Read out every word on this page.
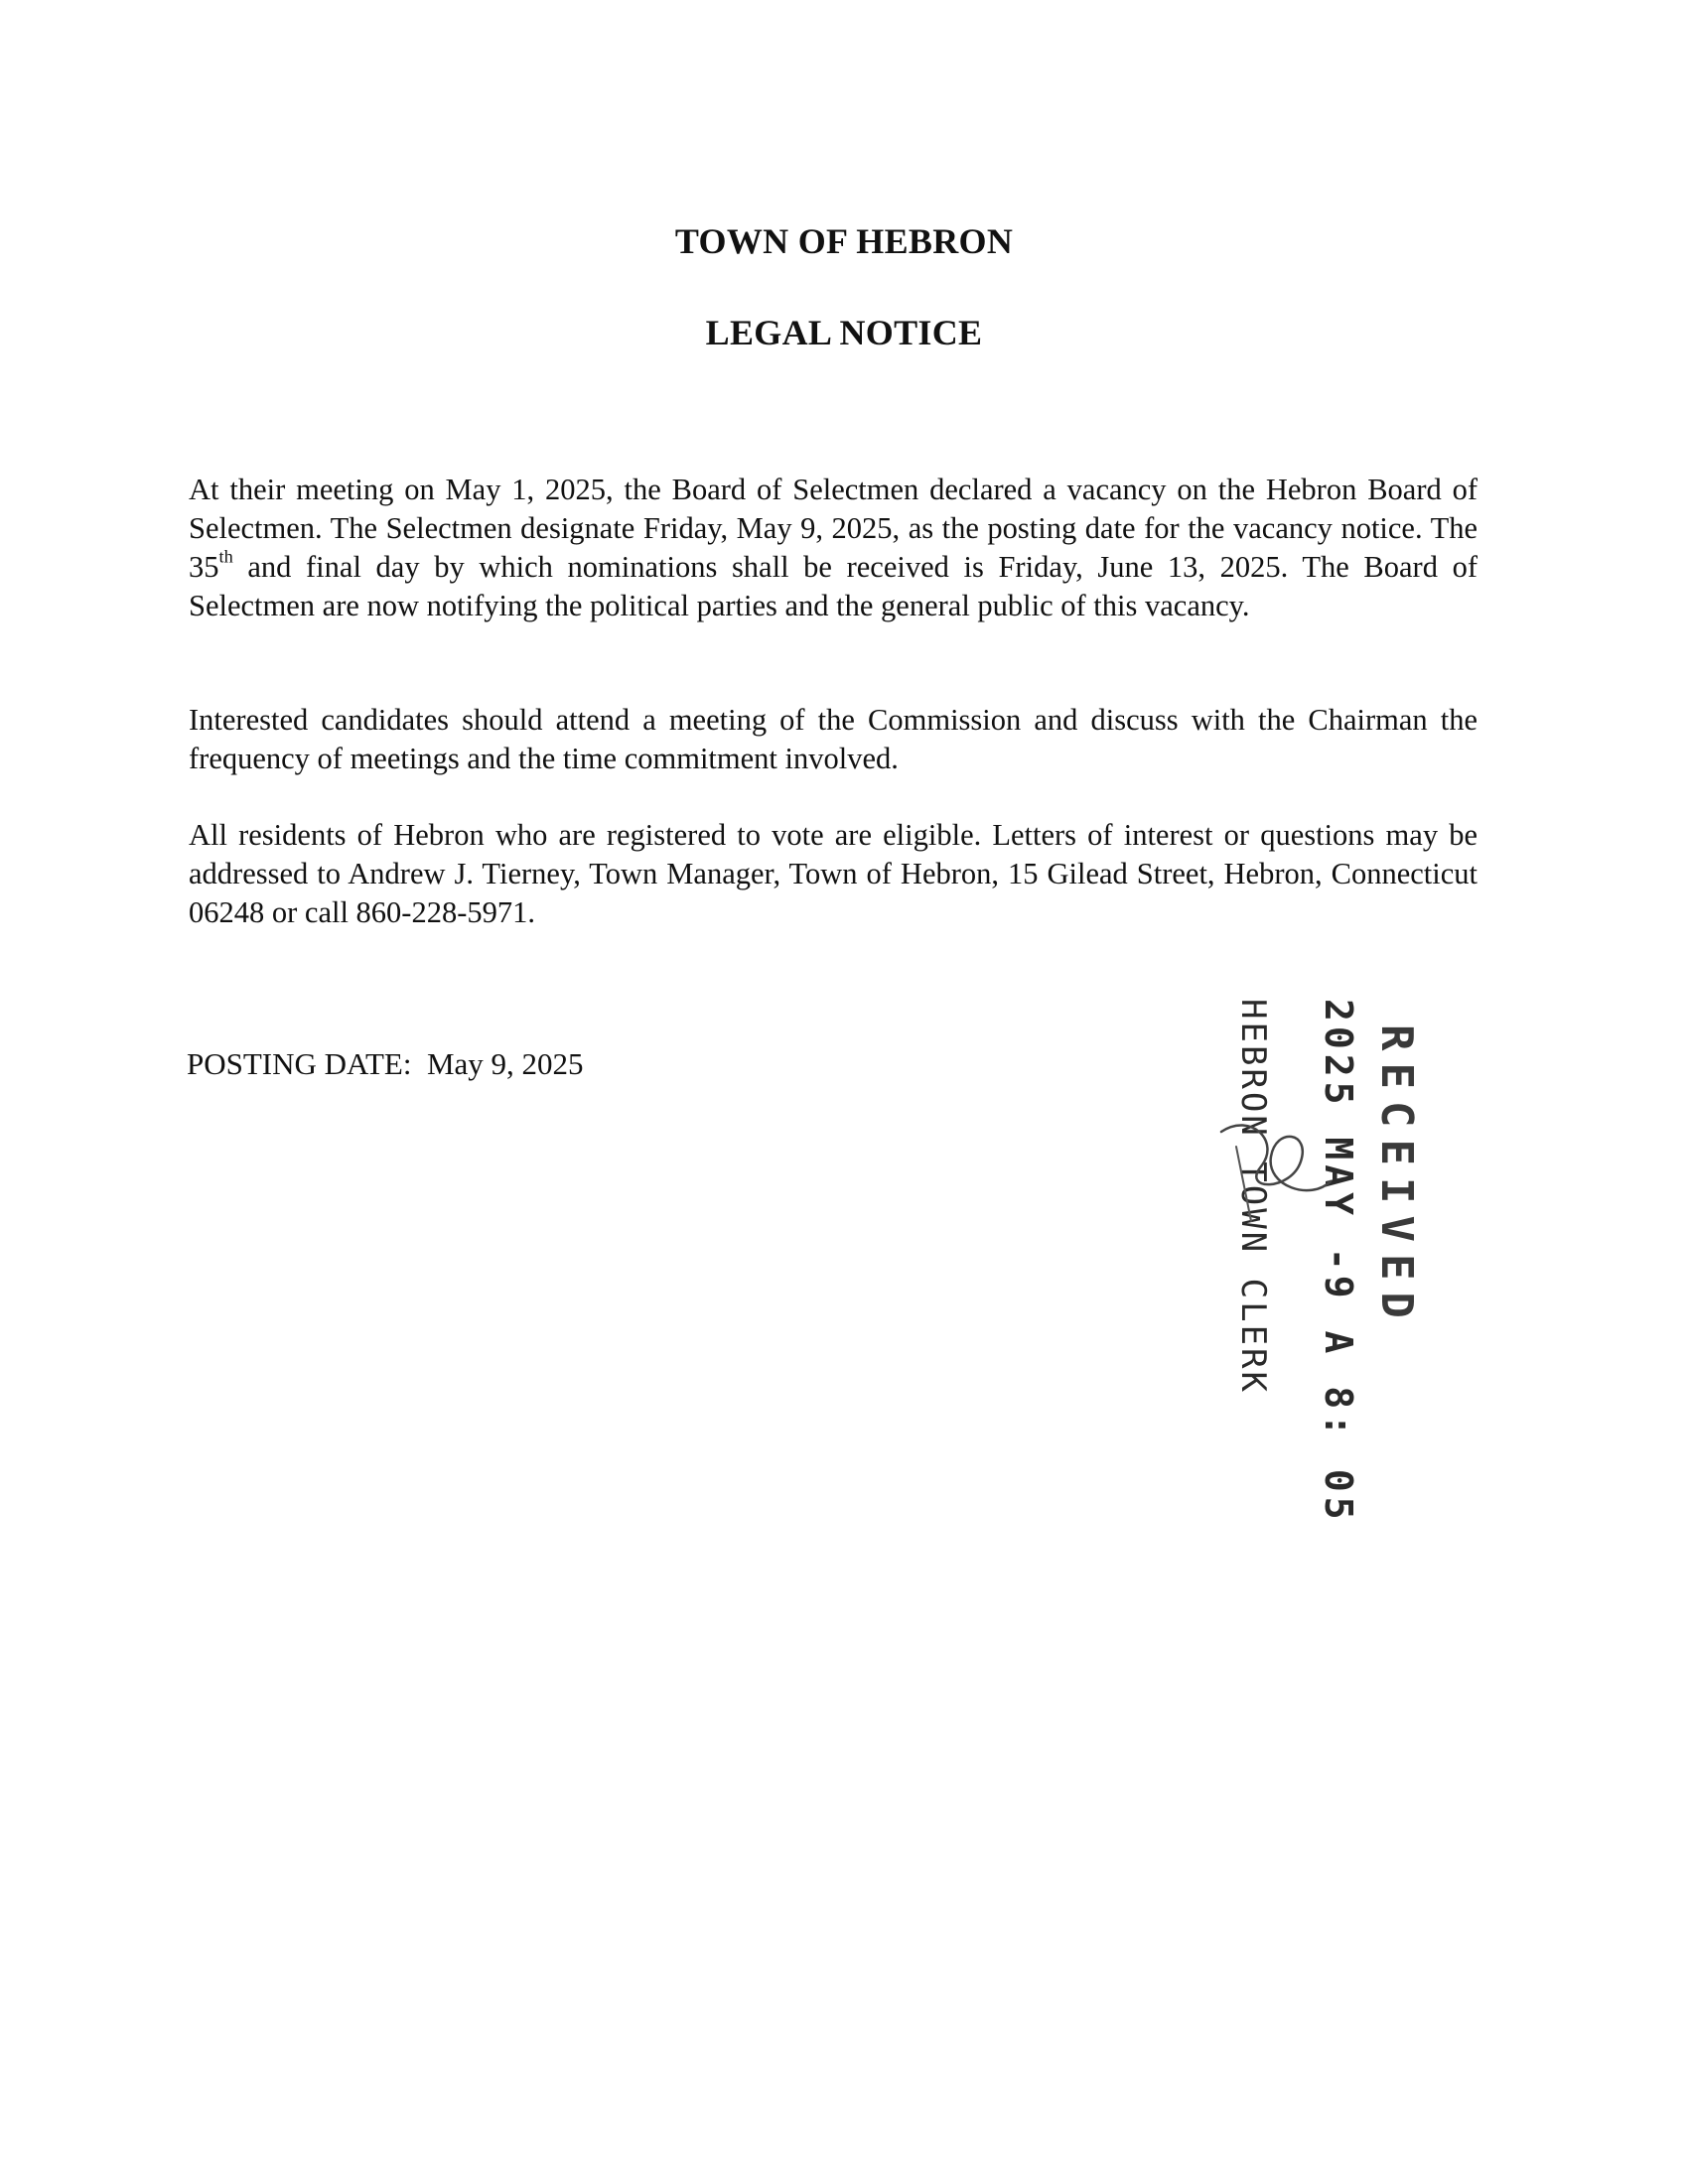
TOWN OF HEBRON
LEGAL NOTICE

At their meeting on May 1, 2025, the Board of Selectmen declared a vacancy on the Hebron Board of Selectmen. The Selectmen designate Friday, May 9, 2025, as the posting date for the vacancy notice. The 35th and final day by which nominations shall be received is Friday, June 13, 2025. The Board of Selectmen are now notifying the political parties and the general public of this vacancy.

Interested candidates should attend a meeting of the Commission and discuss with the Chairman the frequency of meetings and the time commitment involved.

All residents of Hebron who are registered to vote are eligible. Letters of interest or questions may be addressed to Andrew J. Tierney, Town Manager, Town of Hebron, 15 Gilead Street, Hebron, Connecticut 06248 or call 860-228-5971.

POSTING DATE:  May 9, 2025	RECEIVED
2025 MAY -9 A 8: 05
HEBRON TOWN CLERK
